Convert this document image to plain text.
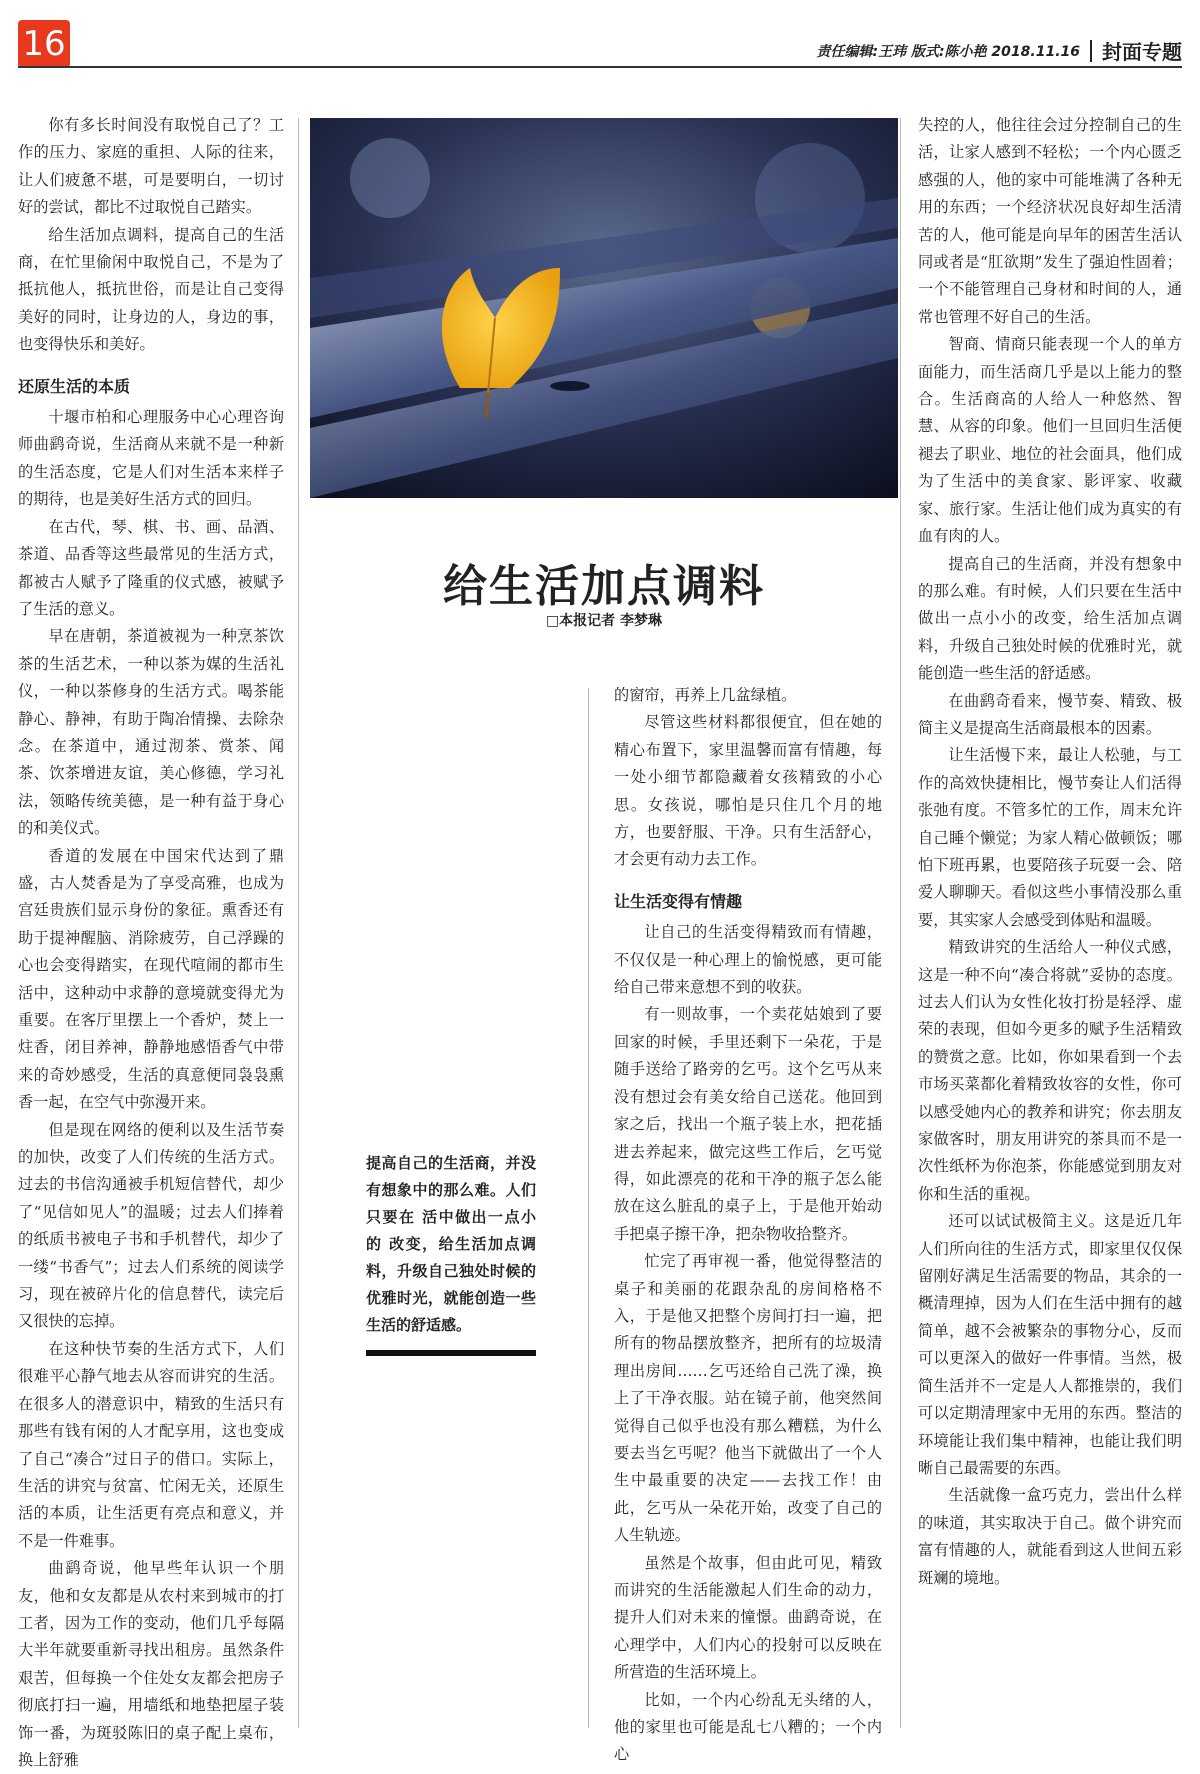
16	责任编辑:王玮 版式:陈小艳 2018.11.16 封面专题

你有多长时间没有取悦自己了？工作的压力、家庭的重担、人际的往来，让人们疲惫不堪，可是要明白，一切讨好的尝试，都比不过取悦自己踏实。

给生活加点调料，提高自己的生活商，在忙里偷闲中取悦自己，不是为了抵抗他人，抵抗世俗，而是让自己变得美好的同时，让身边的人，身边的事，也变得快乐和美好。

还原生活的本质

十堰市柏和心理服务中心心理咨询师曲鹞奇说，生活商从来就不是一种新的生活态度，它是人们对生活本来样子的期待，也是美好生活方式的回归。

在古代，琴、棋、书、画、品酒、茶道、品香等这些最常见的生活方式，都被古人赋予了隆重的仪式感，被赋予了生活的意义。

早在唐朝，茶道被视为一种烹茶饮茶的生活艺术，一种以茶为媒的生活礼仪，一种以茶修身的生活方式。喝茶能静心、静神，有助于陶冶情操、去除杂念。在茶道中，通过沏茶、赏茶、闻茶、饮茶增进友谊，美心修德，学习礼法，领略传统美德，是一种有益于身心的和美仪式。

香道的发展在中国宋代达到了鼎盛，古人焚香是为了享受高雅，也成为宫廷贵族们显示身份的象征。熏香还有助于提神醒脑、消除疲劳，自己浮躁的心也会变得踏实，在现代喧闹的都市生活中，这种动中求静的意境就变得尤为重要。在客厅里摆上一个香炉，焚上一炷香，闭目养神，静静地感悟香气中带来的奇妙感受，生活的真意便同袅袅熏香一起，在空气中弥漫开来。

但是现在网络的便利以及生活节奏的加快，改变了人们传统的生活方式。过去的书信沟通被手机短信替代，却少了“见信如见人”的温暖；过去人们捧着的纸质书被电子书和手机替代，却少了一缕“书香气”；过去人们系统的阅读学习，现在被碎片化的信息替代，读完后又很快的忘掉。

在这种快节奏的生活方式下，人们很难平心静气地去从容而讲究的生活。在很多人的潜意识中，精致的生活只有那些有钱有闲的人才配享用，这也变成了自己“凑合”过日子的借口。实际上，生活的讲究与贫富、忙闲无关，还原生活的本质，让生活更有亮点和意义，并不是一件难事。

曲鹞奇说，他早些年认识一个朋友，他和女友都是从农村来到城市的打工者，因为工作的变动，他们几乎每隔大半年就要重新寻找出租房。虽然条件艰苦，但每换一个住处女友都会把房子彻底打扫一遍，用墙纸和地垫把屋子装饰一番，为斑驳陈旧的桌子配上桌布，换上舒雅

给生活加点调料
□本报记者 李梦琳
提高自己的生活商，并没有想象中的那么难。人们只要在 活中做出一点小的 改变，给生活加点调料，升级自己独处时候的优雅时光，就能创造一些生活的舒适感。

的窗帘，再养上几盆绿植。

尽管这些材料都很便宜，但在她的精心布置下，家里温馨而富有情趣，每一处小细节都隐藏着女孩精致的小心思。女孩说，哪怕是只住几个月的地方，也要舒服、干净。只有生活舒心，才会更有动力去工作。

让生活变得有情趣

让自己的生活变得精致而有情趣，不仅仅是一种心理上的愉悦感，更可能给自己带来意想不到的收获。

有一则故事，一个卖花姑娘到了要回家的时候，手里还剩下一朵花，于是随手送给了路旁的乞丐。这个乞丐从来没有想过会有美女给自己送花。他回到家之后，找出一个瓶子装上水，把花插进去养起来，做完这些工作后，乞丐觉得，如此漂亮的花和干净的瓶子怎么能放在这么脏乱的桌子上，于是他开始动手把桌子擦干净，把杂物收拾整齐。

忙完了再审视一番，他觉得整洁的桌子和美丽的花跟杂乱的房间格格不入，于是他又把整个房间打扫一遍，把所有的物品摆放整齐，把所有的垃圾清理出房间……乞丐还给自己洗了澡，换上了干净衣服。站在镜子前，他突然间觉得自己似乎也没有那么糟糕，为什么要去当乞丐呢？他当下就做出了一个人生中最重要的决定——去找工作！由此，乞丐从一朵花开始，改变了自己的人生轨迹。

虽然是个故事，但由此可见，精致而讲究的生活能激起人们生命的动力，提升人们对未来的憧憬。曲鹞奇说，在心理学中，人们内心的投射可以反映在所营造的生活环境上。

比如，一个内心纷乱无头绪的人，他的家里也可能是乱七八糟的；一个内心

失控的人，他往往会过分控制自己的生活，让家人感到不轻松；一个内心匮乏感强的人，他的家中可能堆满了各种无用的东西；一个经济状况良好却生活清苦的人，他可能是向早年的困苦生活认同或者是“肛欲期”发生了强迫性固着；一个不能管理自己身材和时间的人，通常也管理不好自己的生活。

智商、情商只能表现一个人的单方面能力，而生活商几乎是以上能力的整合。生活商高的人给人一种悠然、智慧、从容的印象。他们一旦回归生活便褪去了职业、地位的社会面具，他们成为了生活中的美食家、影评家、收藏家、旅行家。生活让他们成为真实的有血有肉的人。

提高自己的生活商，并没有想象中的那么难。有时候，人们只要在生活中做出一点小小的改变，给生活加点调料，升级自己独处时候的优雅时光，就能创造一些生活的舒适感。

在曲鹞奇看来，慢节奏、精致、极简主义是提高生活商最根本的因素。

让生活慢下来，最让人松驰，与工作的高效快捷相比，慢节奏让人们活得张弛有度。不管多忙的工作，周末允许自己睡个懒觉；为家人精心做顿饭；哪怕下班再累，也要陪孩子玩耍一会、陪爱人聊聊天。看似这些小事情没那么重要，其实家人会感受到体贴和温暖。

精致讲究的生活给人一种仪式感，这是一种不向“凑合将就”妥协的态度。过去人们认为女性化妆打扮是轻浮、虚荣的表现，但如今更多的赋予生活精致的赞赏之意。比如，你如果看到一个去市场买菜都化着精致妆容的女性，你可以感受她内心的教养和讲究；你去朋友家做客时，朋友用讲究的茶具而不是一次性纸杯为你泡茶，你能感觉到朋友对你和生活的重视。

还可以试试极简主义。这是近几年人们所向往的生活方式，即家里仅仅保留刚好满足生活需要的物品，其余的一概清理掉，因为人们在生活中拥有的越简单，越不会被繁杂的事物分心，反而可以更深入的做好一件事情。当然，极简生活并不一定是人人都推崇的，我们可以定期清理家中无用的东西。整洁的环境能让我们集中精神，也能让我们明晰自己最需要的东西。

生活就像一盒巧克力，尝出什么样的味道，其实取决于自己。做个讲究而富有情趣的人，就能看到这人世间五彩斑斓的境地。
